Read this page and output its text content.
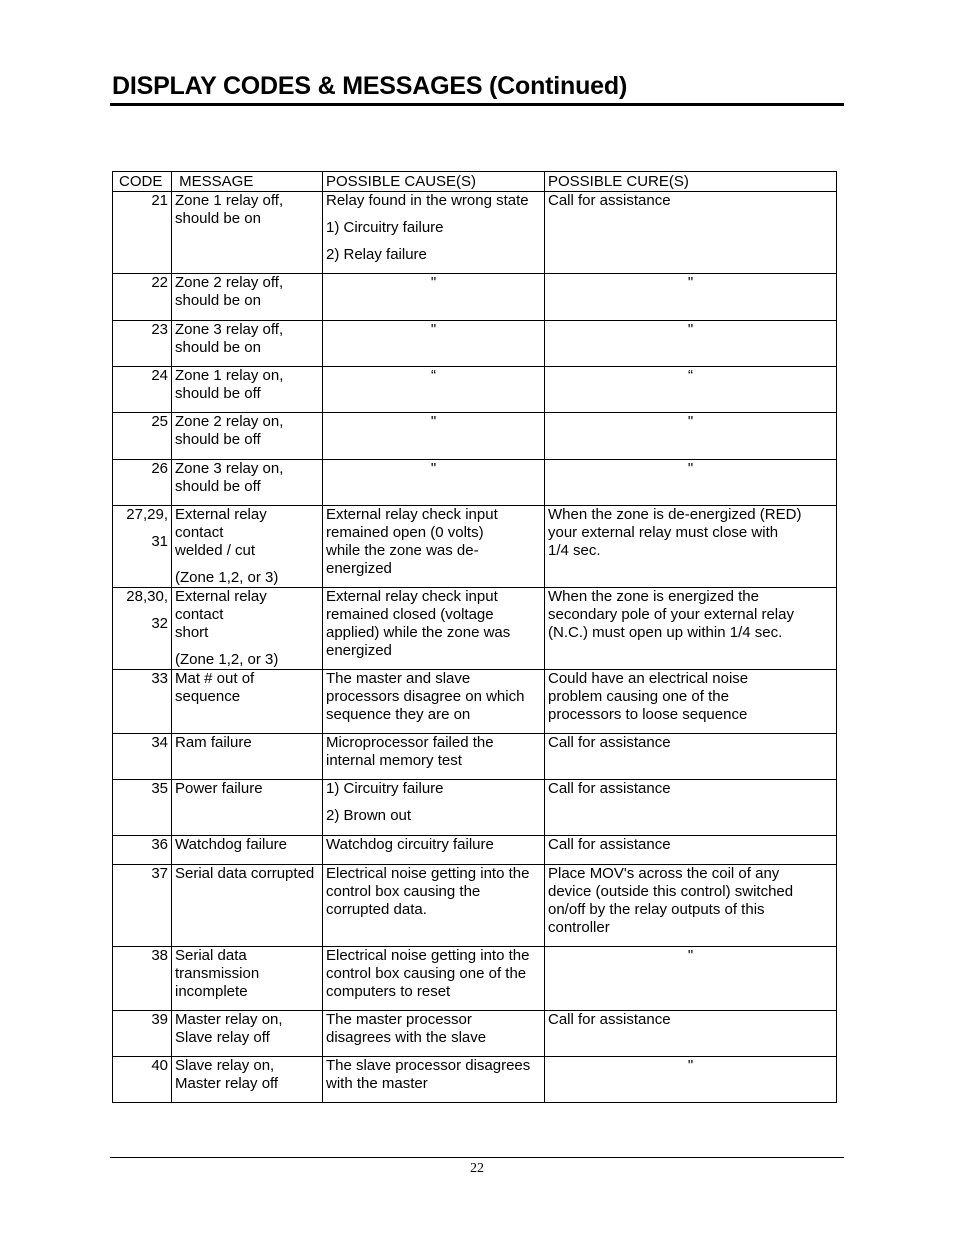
DISPLAY CODES & MESSAGES (Continued)
CODE	MESSAGE	POSSIBLE CAUSE(S)	POSSIBLE CURE(S)

21	Zone 1 relay off,
should be on	Relay found in the wrong state
1) Circuitry failure
2) Relay failure	Call for assistance

22	Zone 2 relay off,
should be on	"	"

23	Zone 3 relay off,
should be on	"	"

24	Zone 1 relay on,
should be off	“	“

25	Zone 2 relay on,
should be off	"	"

26	Zone 3 relay on,
should be off	"	"

27,29,
31	External relay contact
welded / cut
(Zone 1,2, or 3)	External relay check input
remained open (0 volts)
while the zone was de-
energized	When the zone is de-energized (RED)
your external relay must close with
1/4 sec.

28,30,
32	External relay contact
short
(Zone 1,2, or 3)	External relay check input
remained closed (voltage
applied) while the zone was
energized	When the zone is energized the
secondary pole of your external relay
(N.C.) must open up within 1/4 sec.

33	Mat # out of
sequence	The master and slave
processors disagree on which
sequence they are on	Could have an electrical noise
problem causing one of the
processors to loose sequence

34	Ram failure	Microprocessor failed the
internal memory test	Call for assistance

35	Power failure	1) Circuitry failure
2) Brown out	Call for assistance

36	Watchdog failure	Watchdog circuitry failure	Call for assistance

37	Serial data corrupted	Electrical noise getting into the
control box causing the
corrupted data.	Place MOV's across the coil of any
device (outside this control) switched
on/off by the relay outputs of this
controller

38	Serial data
transmission
incomplete	Electrical noise getting into the
control box causing one of the
computers to reset	"

39	Master relay on,
Slave relay off	The master processor
disagrees with the slave	Call for assistance

40	Slave relay on,
Master relay off	The slave processor disagrees
with the master	"
22
